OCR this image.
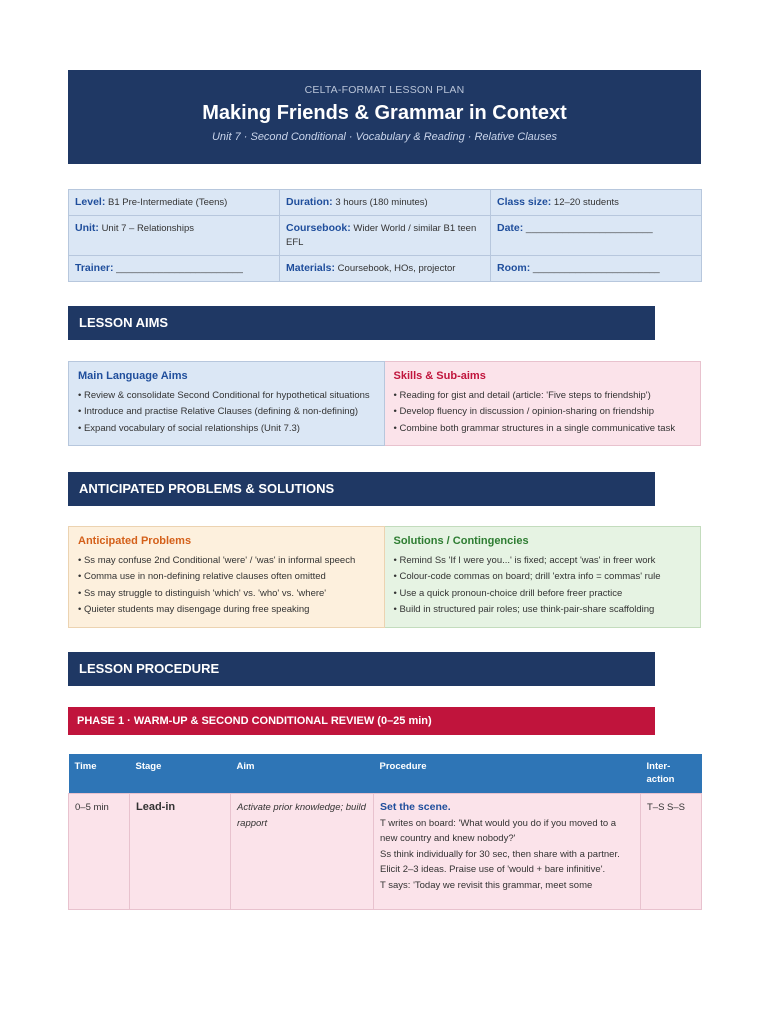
CELTA-FORMAT LESSON PLAN
Making Friends & Grammar in Context
Unit 7 · Second Conditional · Vocabulary & Reading · Relative Clauses
Level: B1 Pre-Intermediate (Teens)	Duration: 3 hours (180 minutes)	Class size: 12–20 students
Unit: Unit 7 – Relationships	Coursebook: Wider World / similar B1 teen EFL	Date: ________________________
Trainer: ________________________	Materials: Coursebook, HOs, projector	Room: ________________________
LESSON AIMS
Main Language Aims
• Review & consolidate Second Conditional for hypothetical situations
• Introduce and practise Relative Clauses (defining & non-defining)
• Expand vocabulary of social relationships (Unit 7.3)
Skills & Sub-aims
• Reading for gist and detail (article: 'Five steps to friendship')
• Develop fluency in discussion / opinion-sharing on friendship
• Combine both grammar structures in a single communicative task
ANTICIPATED PROBLEMS & SOLUTIONS
Anticipated Problems
• Ss may confuse 2nd Conditional 'were' / 'was' in informal speech
• Comma use in non-defining relative clauses often omitted
• Ss may struggle to distinguish 'which' vs. 'who' vs. 'where'
• Quieter students may disengage during free speaking
Solutions / Contingencies
• Remind Ss 'If I were you...' is fixed; accept 'was' in freer work
• Colour-code commas on board; drill 'extra info = commas' rule
• Use a quick pronoun-choice drill before freer practice
• Build in structured pair roles; use think-pair-share scaffolding
LESSON PROCEDURE
PHASE 1 · WARM-UP & SECOND CONDITIONAL REVIEW (0–25 min)
Time	Stage	Aim	Procedure	Inter-action
0–5 min	Lead-in	Activate prior knowledge; build rapport	Set the scene.
T writes on board: 'What would you do if you moved to a new country and knew nobody?'
Ss think individually for 30 sec, then share with a partner.
Elicit 2–3 ideas. Praise use of 'would + bare infinitive'.
T says: 'Today we revisit this grammar, meet some	T–S S–S
